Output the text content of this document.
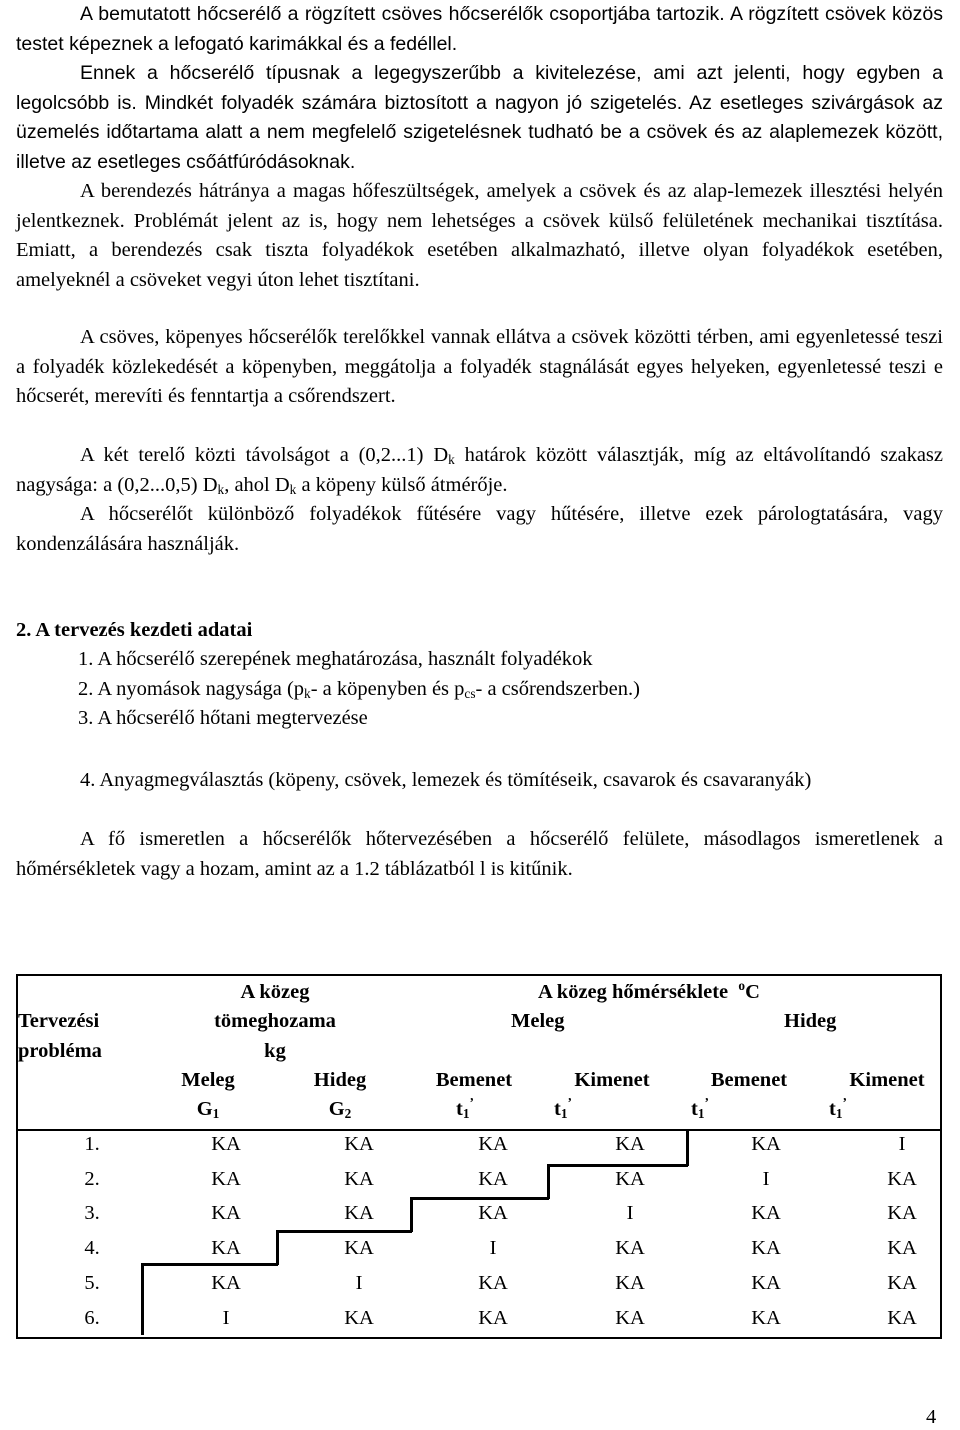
A bemutatott hőcserélő a rögzített csöves hőcserélők csoportjába tartozik. A rögzített csövek közös testet képeznek a lefogató karimákkal és a fedéllel.

Ennek a hőcserélő típusnak a legegyszerűbb a kivitelezése, ami azt jelenti, hogy egyben a legolcsóbb is. Mindkét folyadék számára biztosított a nagyon jó szigetelés. Az esetleges szivárgások az üzemelés időtartama alatt a nem megfelelő szigetelésnek tudható be a csövek és az alaplemezek között, illetve az esetleges csőátfúródásoknak.

A berendezés hátránya a magas hőfeszültségek, amelyek a csövek és az alap-lemezek illesztési helyén jelentkeznek. Problémát jelent az is, hogy nem lehetséges a csövek külső felületének mechanikai tisztítása. Emiatt, a berendezés csak tiszta folyadékok esetében alkalmazható, illetve olyan folyadékok esetében, amelyeknél a csöveket vegyi úton lehet tisztítani.

A csöves, köpenyes hőcserélők terelőkkel vannak ellátva a csövek közötti térben, ami egyenletessé teszi a folyadék közlekedését a köpenyben, meggátolja a folyadék stagnálását egyes helyeken, egyenletessé teszi e hőcserét, merevíti és fenntartja a csőrendszert.

A két terelő közti távolságot a (0,2...1) $D_k$ határok között választják, míg az eltávolítandó szakasz nagysága: a (0,2...0,5) $D_k$, ahol $D_k$ a köpeny külső átmérője.

A hőcserélőt különböző folyadékok fűtésére vagy hűtésére, illetve ezek párologtatására, vagy kondenzálására használják.

2. A tervezés kezdeti adatai

1. A hőcserélő szerepének meghatározása, használt folyadékok

2. A nyomások nagysága ($p_k-$ a köpenyben és $p_{cs}-$ a csőrendszerben.)

3. A hőcserélő hőtani megtervezése

4. Anyagmegválasztás (köpeny, csövek, lemezek és tömítéseik, csavarok és csavaranyák)

A fő ismeretlen a hőcserélők hőtervezésében a hőcserélő felülete, másodlagos ismeretlenek a hőmérsékletek vagy a hozam, amint az a 1.2 táblázatból l is kitűnik.

Tervezési
probléma
A közeg
tömeghozama
kg
A közeg hőmérséklete $^o$C
Meleg	Hideg
Meleg	Hideg	Bemenet	Kimenet	Bemenet	Kimenet
$G_1$	$G_2$	$t_1^’$	$t_1^’$	$t_1^’$	$t_1^’$
1.	KA	KA	KA	KA	KA	I
2.	KA	KA	KA	KA	I	KA
3.	KA	KA	KA	I	KA	KA
4.	KA	KA	I	KA	KA	KA
5.	KA	I	KA	KA	KA	KA
6.	I	KA	KA	KA	KA	KA
4
